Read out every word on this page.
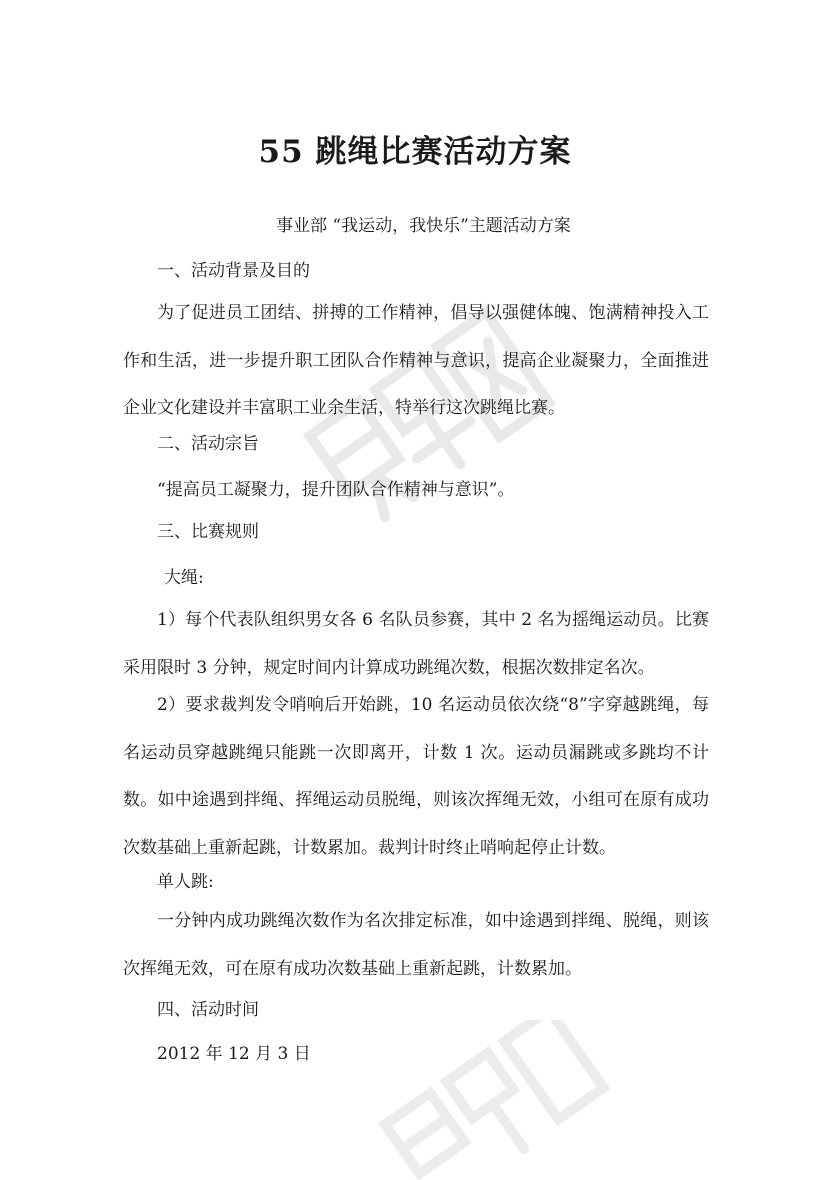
55 跳绳比赛活动方案
事业部 “我运动，我快乐”主题活动方案
一、活动背景及目的
为了促进员工团结、拼搏的工作精神，倡导以强健体魄、饱满精神投入工作和生活，进一步提升职工团队合作精神与意识，提高企业凝聚力，全面推进企业文化建设并丰富职工业余生活，特举行这次跳绳比赛。
二、活动宗旨
“提高员工凝聚力，提升团队合作精神与意识”。
三、比赛规则
大绳:
1）每个代表队组织男女各 6 名队员参赛，其中 2 名为摇绳运动员。比赛采用限时 3 分钟，规定时间内计算成功跳绳次数，根据次数排定名次。
2）要求裁判发令哨响后开始跳，10 名运动员依次绕“8”字穿越跳绳，每名运动员穿越跳绳只能跳一次即离开，计数 1 次。运动员漏跳或多跳均不计数。如中途遇到拌绳、挥绳运动员脱绳，则该次挥绳无效，小组可在原有成功次数基础上重新起跳，计数累加。裁判计时终止哨响起停止计数。
单人跳:
一分钟内成功跳绳次数作为名次排定标准，如中途遇到拌绳、脱绳，则该次挥绳无效，可在原有成功次数基础上重新起跳，计数累加。
四、活动时间
2012 年 12 月 3 日
